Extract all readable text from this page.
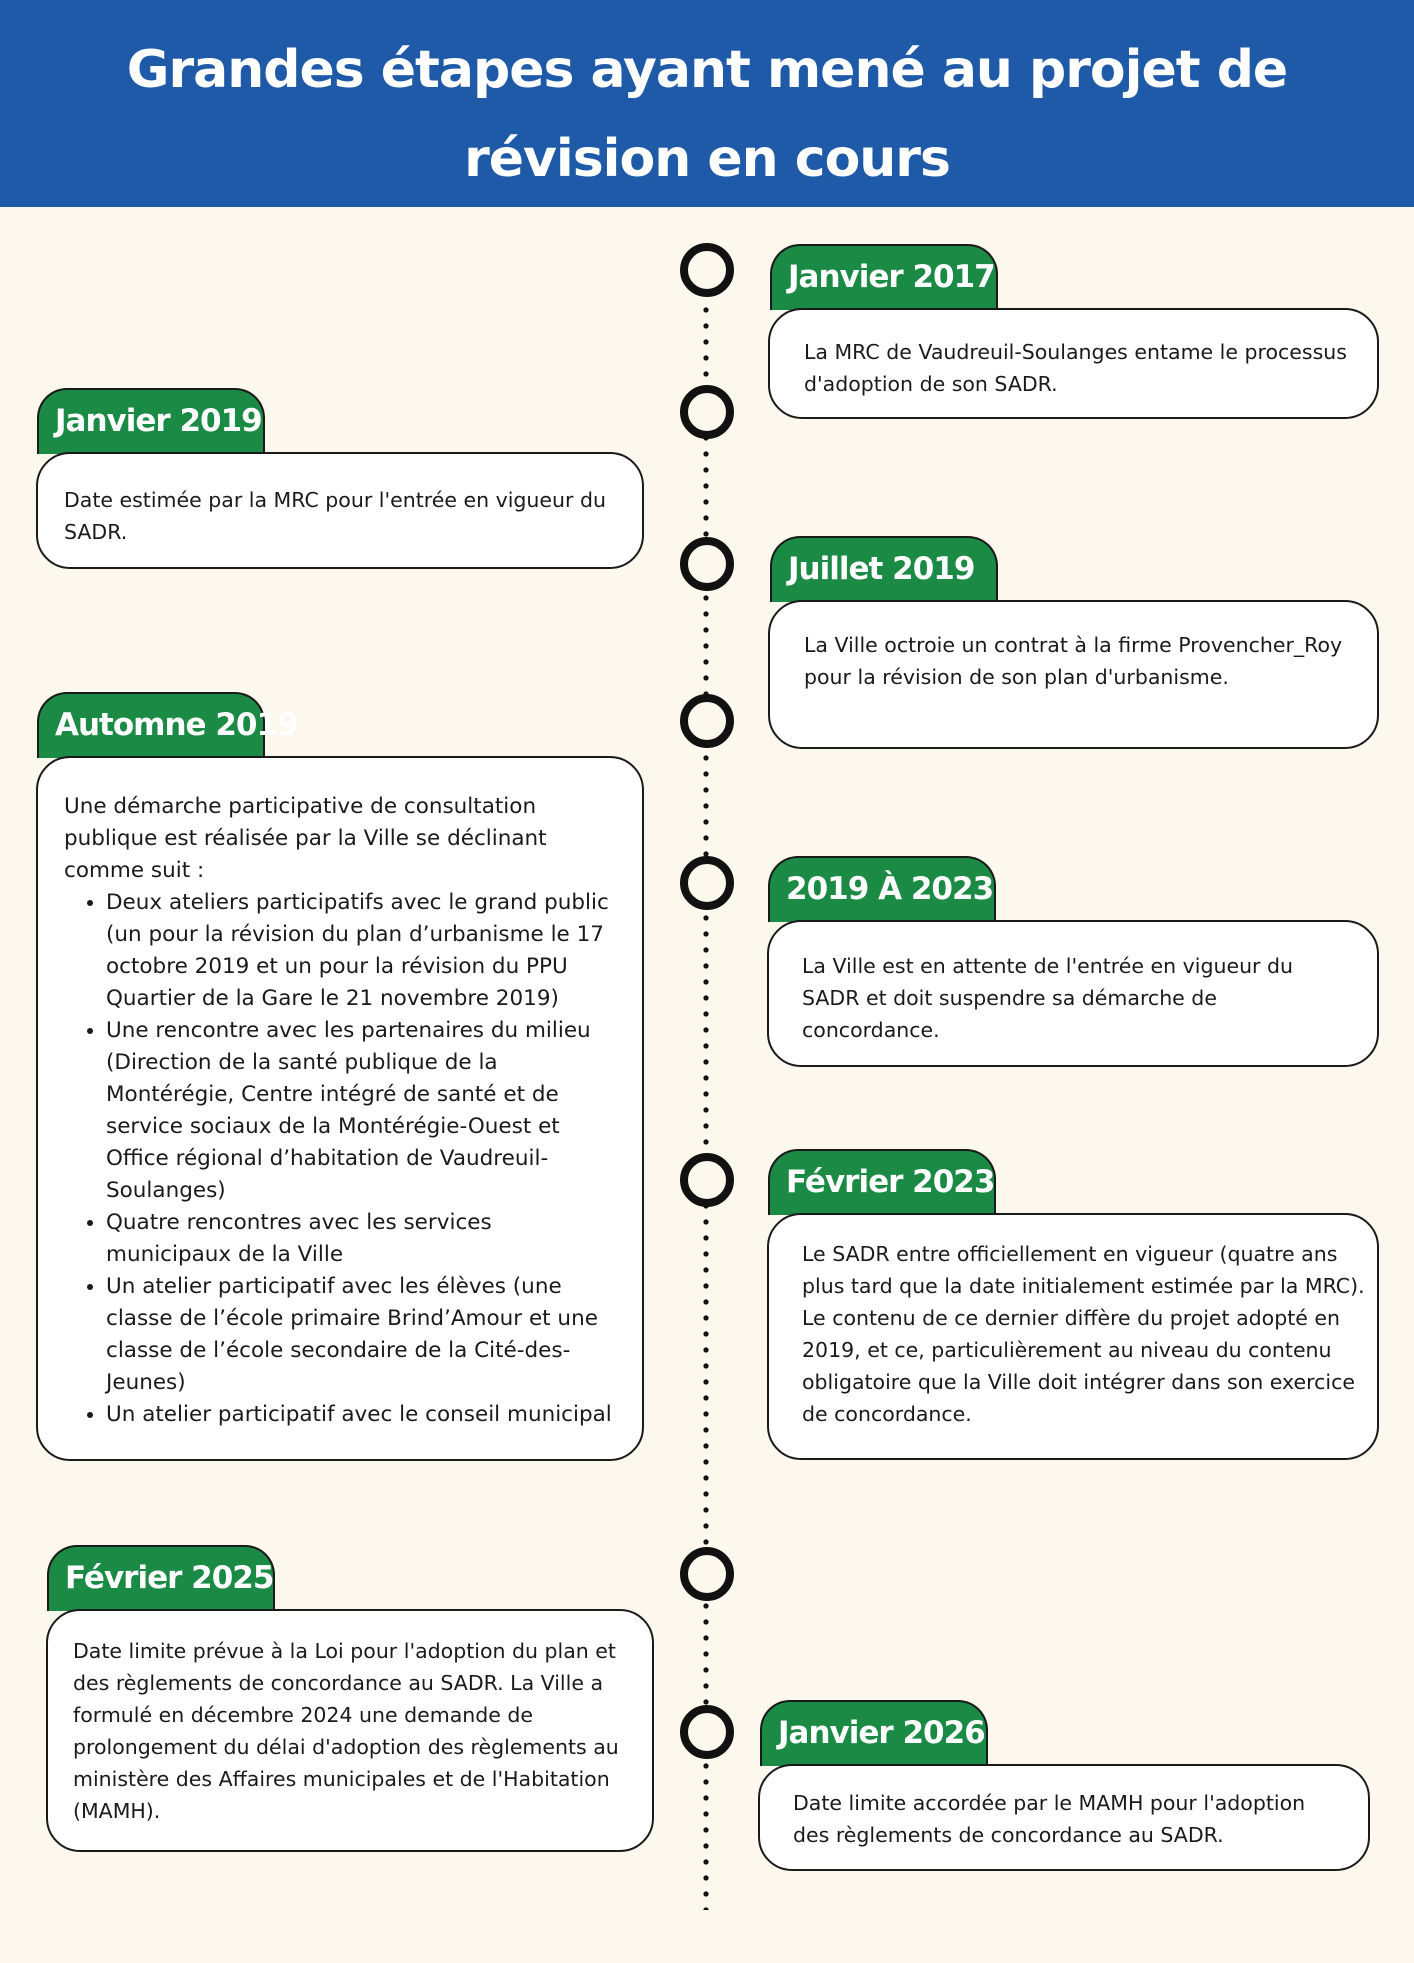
Grandes étapes ayant mené au projet de
révision en cours
Janvier 2017

La MRC de Vaudreuil-Soulanges entame le processus d'adoption de son SADR.

Janvier 2019

Date estimée par la MRC pour l'entrée en vigueur du SADR.

Juillet 2019

La Ville octroie un contrat à la firme Provencher_Roy pour la révision de son plan d'urbanisme.

Automne 2019

Une démarche participative de consultation publique est réalisée par la Ville se déclinant comme suit :

• Deux ateliers participatifs avec le grand public (un pour la révision du plan d’urbanisme le 17 octobre 2019 et un pour la révision du PPU Quartier de la Gare le 21 novembre 2019)
• Une rencontre avec les partenaires du milieu (Direction de la santé publique de la Montérégie, Centre intégré de santé et de service sociaux de la Montérégie-Ouest et Office régional d’habitation de Vaudreuil-Soulanges)
• Quatre rencontres avec les services municipaux de la Ville
• Un atelier participatif avec les élèves (une classe de l’école primaire Brind’Amour et une classe de l’école secondaire de la Cité-des-Jeunes)
• Un atelier participatif avec le conseil municipal
2019 À 2023

La Ville est en attente de l'entrée en vigueur du SADR et doit suspendre sa démarche de concordance.

Février 2023

Le SADR entre officiellement en vigueur (quatre ans plus tard que la date initialement estimée par la MRC). Le contenu de ce dernier diffère du projet adopté en 2019, et ce, particulièrement au niveau du contenu obligatoire que la Ville doit intégrer dans son exercice de concordance.

Février 2025

Date limite prévue à la Loi pour l'adoption du plan et des règlements de concordance au SADR. La Ville a formulé en décembre 2024 une demande de prolongement du délai d'adoption des règlements au ministère des Affaires municipales et de l'Habitation (MAMH).

Janvier 2026

Date limite accordée par le MAMH pour l'adoption des règlements de concordance au SADR.
